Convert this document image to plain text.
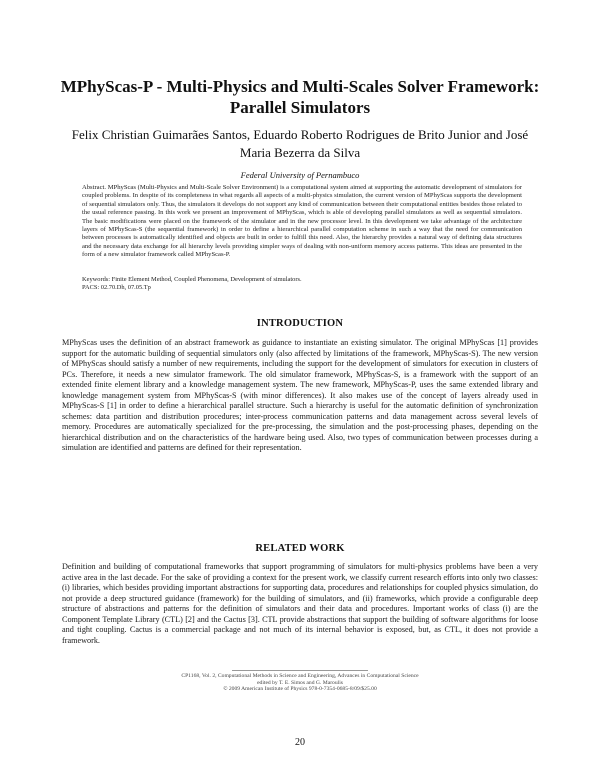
MPhyScas-P - Multi-Physics and Multi-Scales Solver Framework: Parallel Simulators
Felix Christian Guimarães Santos, Eduardo Roberto Rodrigues de Brito Junior and José Maria Bezerra da Silva
Federal University of Pernambuco
Abstract. MPhyScas (Multi-Physics and Multi-Scale Solver Environment) is a computational system aimed at supporting the automatic development of simulators for coupled problems. In despite of its completeness in what regards all aspects of a multi-physics simulation, the current version of MPhyScas supports the development of sequential simulators only. Thus, the simulators it develops do not support any kind of communication between their computational entities besides those related to the usual reference passing. In this work we present an improvement of MPhyScas, which is able of developing parallel simulators as well as sequential simulators. The basic modifications were placed on the framework of the simulator and in the new processor level. In this development we take advantage of the architecture layers of MPhyScas-S (the sequential framework) in order to define a hierarchical parallel computation scheme in such a way that the need for communication between processes is automatically identified and objects are built in order to fulfill this need. Also, the hierarchy provides a natural way of defining data structures and the necessary data exchange for all hierarchy levels providing simpler ways of dealing with non-uniform memory access patterns. This ideas are presented in the form of a new simulator framework called MPhyScas-P.
Keywords: Finite Element Method, Coupled Phenomena, Development of simulators.
PACS: 02.70.Dh, 07.05.Tp
INTRODUCTION
MPhyScas uses the definition of an abstract framework as guidance to instantiate an existing simulator. The original MPhyScas [1] provides support for the automatic building of sequential simulators only (also affected by limitations of the framework, MPhyScas-S). The new version of MPhyScas should satisfy a number of new requirements, including the support for the development of simulators for execution in clusters of PCs. Therefore, it needs a new simulator framework. The old simulator framework, MPhyScas-S, is a framework with the support of an extended finite element library and a knowledge management system. The new framework, MPhyScas-P, uses the same extended library and knowledge management system from MPhyScas-S (with minor differences). It also makes use of the concept of layers already used in MPhyScas-S [1] in order to define a hierarchical parallel structure. Such a hierarchy is useful for the automatic definition of synchronization schemes: data partition and distribution procedures; inter-process communication patterns and data management across several levels of memory. Procedures are automatically specialized for the pre-processing, the simulation and the post-processing phases, depending on the hierarchical distribution and on the characteristics of the hardware being used. Also, two types of communication between processes during a simulation are identified and patterns are defined for their representation.
RELATED WORK
Definition and building of computational frameworks that support programming of simulators for multi-physics problems have been a very active area in the last decade. For the sake of providing a context for the present work, we classify current research efforts into only two classes: (i) libraries, which besides providing important abstractions for supporting data, procedures and relationships for coupled physics simulation, do not provide a deep structured guidance (framework) for the building of simulators, and (ii) frameworks, which provide a configurable deep structure of abstractions and patterns for the definition of simulators and their data and procedures. Important works of class (i) are the Component Template Library (CTL) [2] and the Cactus [3]. CTL provide abstractions that support the building of software algorithms for loose and tight coupling. Cactus is a commercial package and not much of its internal behavior is exposed, but, as CTL, it does not provide a framework.
CP1168, Vol. 2, Computational Methods in Science and Engineering, Advances in Computational Science
edited by T. E. Simos and G. Maroulis
© 2009 American Institute of Physics 978-0-7354-0685-8/09/$25.00
20
